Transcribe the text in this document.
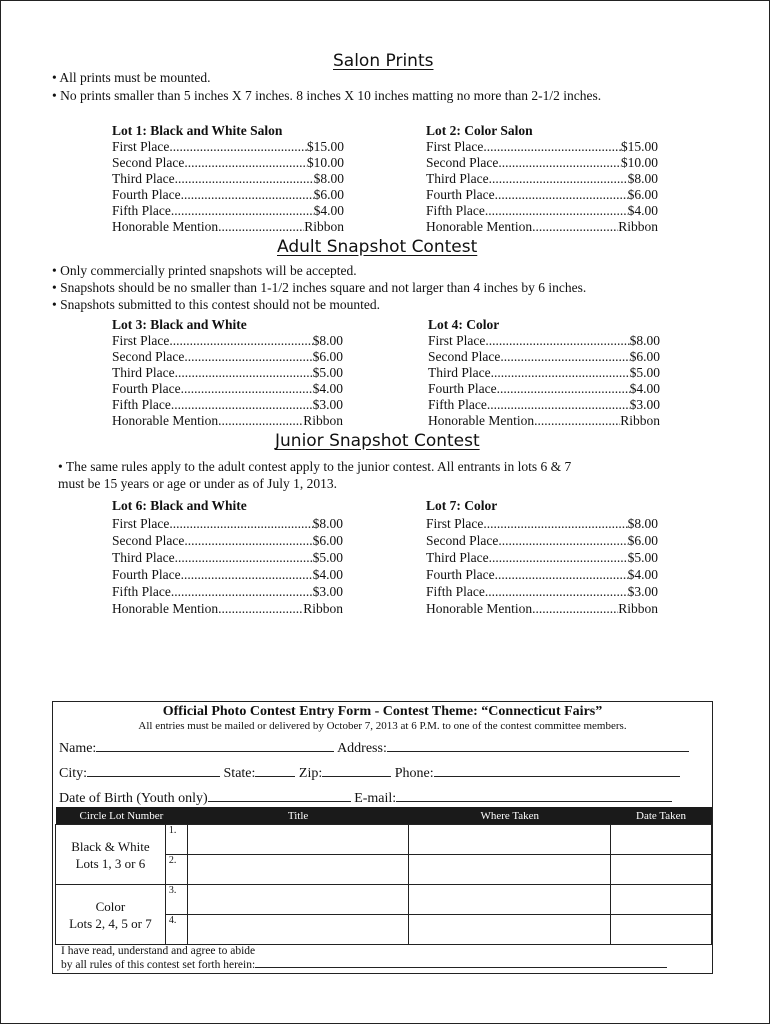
Salon Prints
• All prints must be mounted.
• No prints smaller than 5 inches X 7 inches. 8 inches X 10 inches matting no more than 2-1/2 inches.
Lot 1: Black and White Salon
First Place .....	$15.00
Second Place .....	$10.00
Third Place .....	$8.00
Fourth Place .....	$6.00
Fifth Place .....	$4.00
Honorable Mention .....	Ribbon
Lot 2: Color Salon
First Place .....	$15.00
Second Place .....	$10.00
Third Place .....	$8.00
Fourth Place .....	$6.00
Fifth Place .....	$4.00
Honorable Mention .....	Ribbon
Adult Snapshot Contest
• Only commercially printed snapshots will be accepted.
• Snapshots should be no smaller than 1-1/2 inches square and not larger than 4 inches by 6 inches.
• Snapshots submitted to this contest should not be mounted.
Lot 3: Black and White
First Place .....	$8.00
Second Place .....	$6.00
Third Place .....	$5.00
Fourth Place .....	$4.00
Fifth Place .....	$3.00
Honorable Mention .....	Ribbon
Lot 4: Color
First Place .....	$8.00
Second Place .....	$6.00
Third Place .....	$5.00
Fourth Place .....	$4.00
Fifth Place .....	$3.00
Honorable Mention .....	Ribbon
Junior Snapshot Contest
• The same rules apply to the adult contest apply to the junior contest. All entrants in lots 6 & 7
must be 15 years or age or under as of July 1, 2013.
Lot 6: Black and White
First Place .....	$8.00
Second Place .....	$6.00
Third Place .....	$5.00
Fourth Place .....	$4.00
Fifth Place .....	$3.00
Honorable Mention .....	Ribbon
Lot 7: Color
First Place .....	$8.00
Second Place .....	$6.00
Third Place .....	$5.00
Fourth Place .....	$4.00
Fifth Place .....	$3.00
Honorable Mention .....	Ribbon
Official Photo Contest Entry Form - Contest Theme: “Connecticut Fairs”
All entries must be mailed or delivered by October 7, 2013 at 6 P.M. to one of the contest committee members.
Name:	Address:
City:	State:	Zip:	Phone:
Date of Birth (Youth only)	E-mail:
Circle Lot Number		Title	Where Taken	Date Taken

Black & White
Lots 1, 3 or 6	1.			
	2.			

Color
Lots 2, 4, 5 or 7	3.			
	4.			
I have read, understand and agree to abide
by all rules of this contest set forth herein:
